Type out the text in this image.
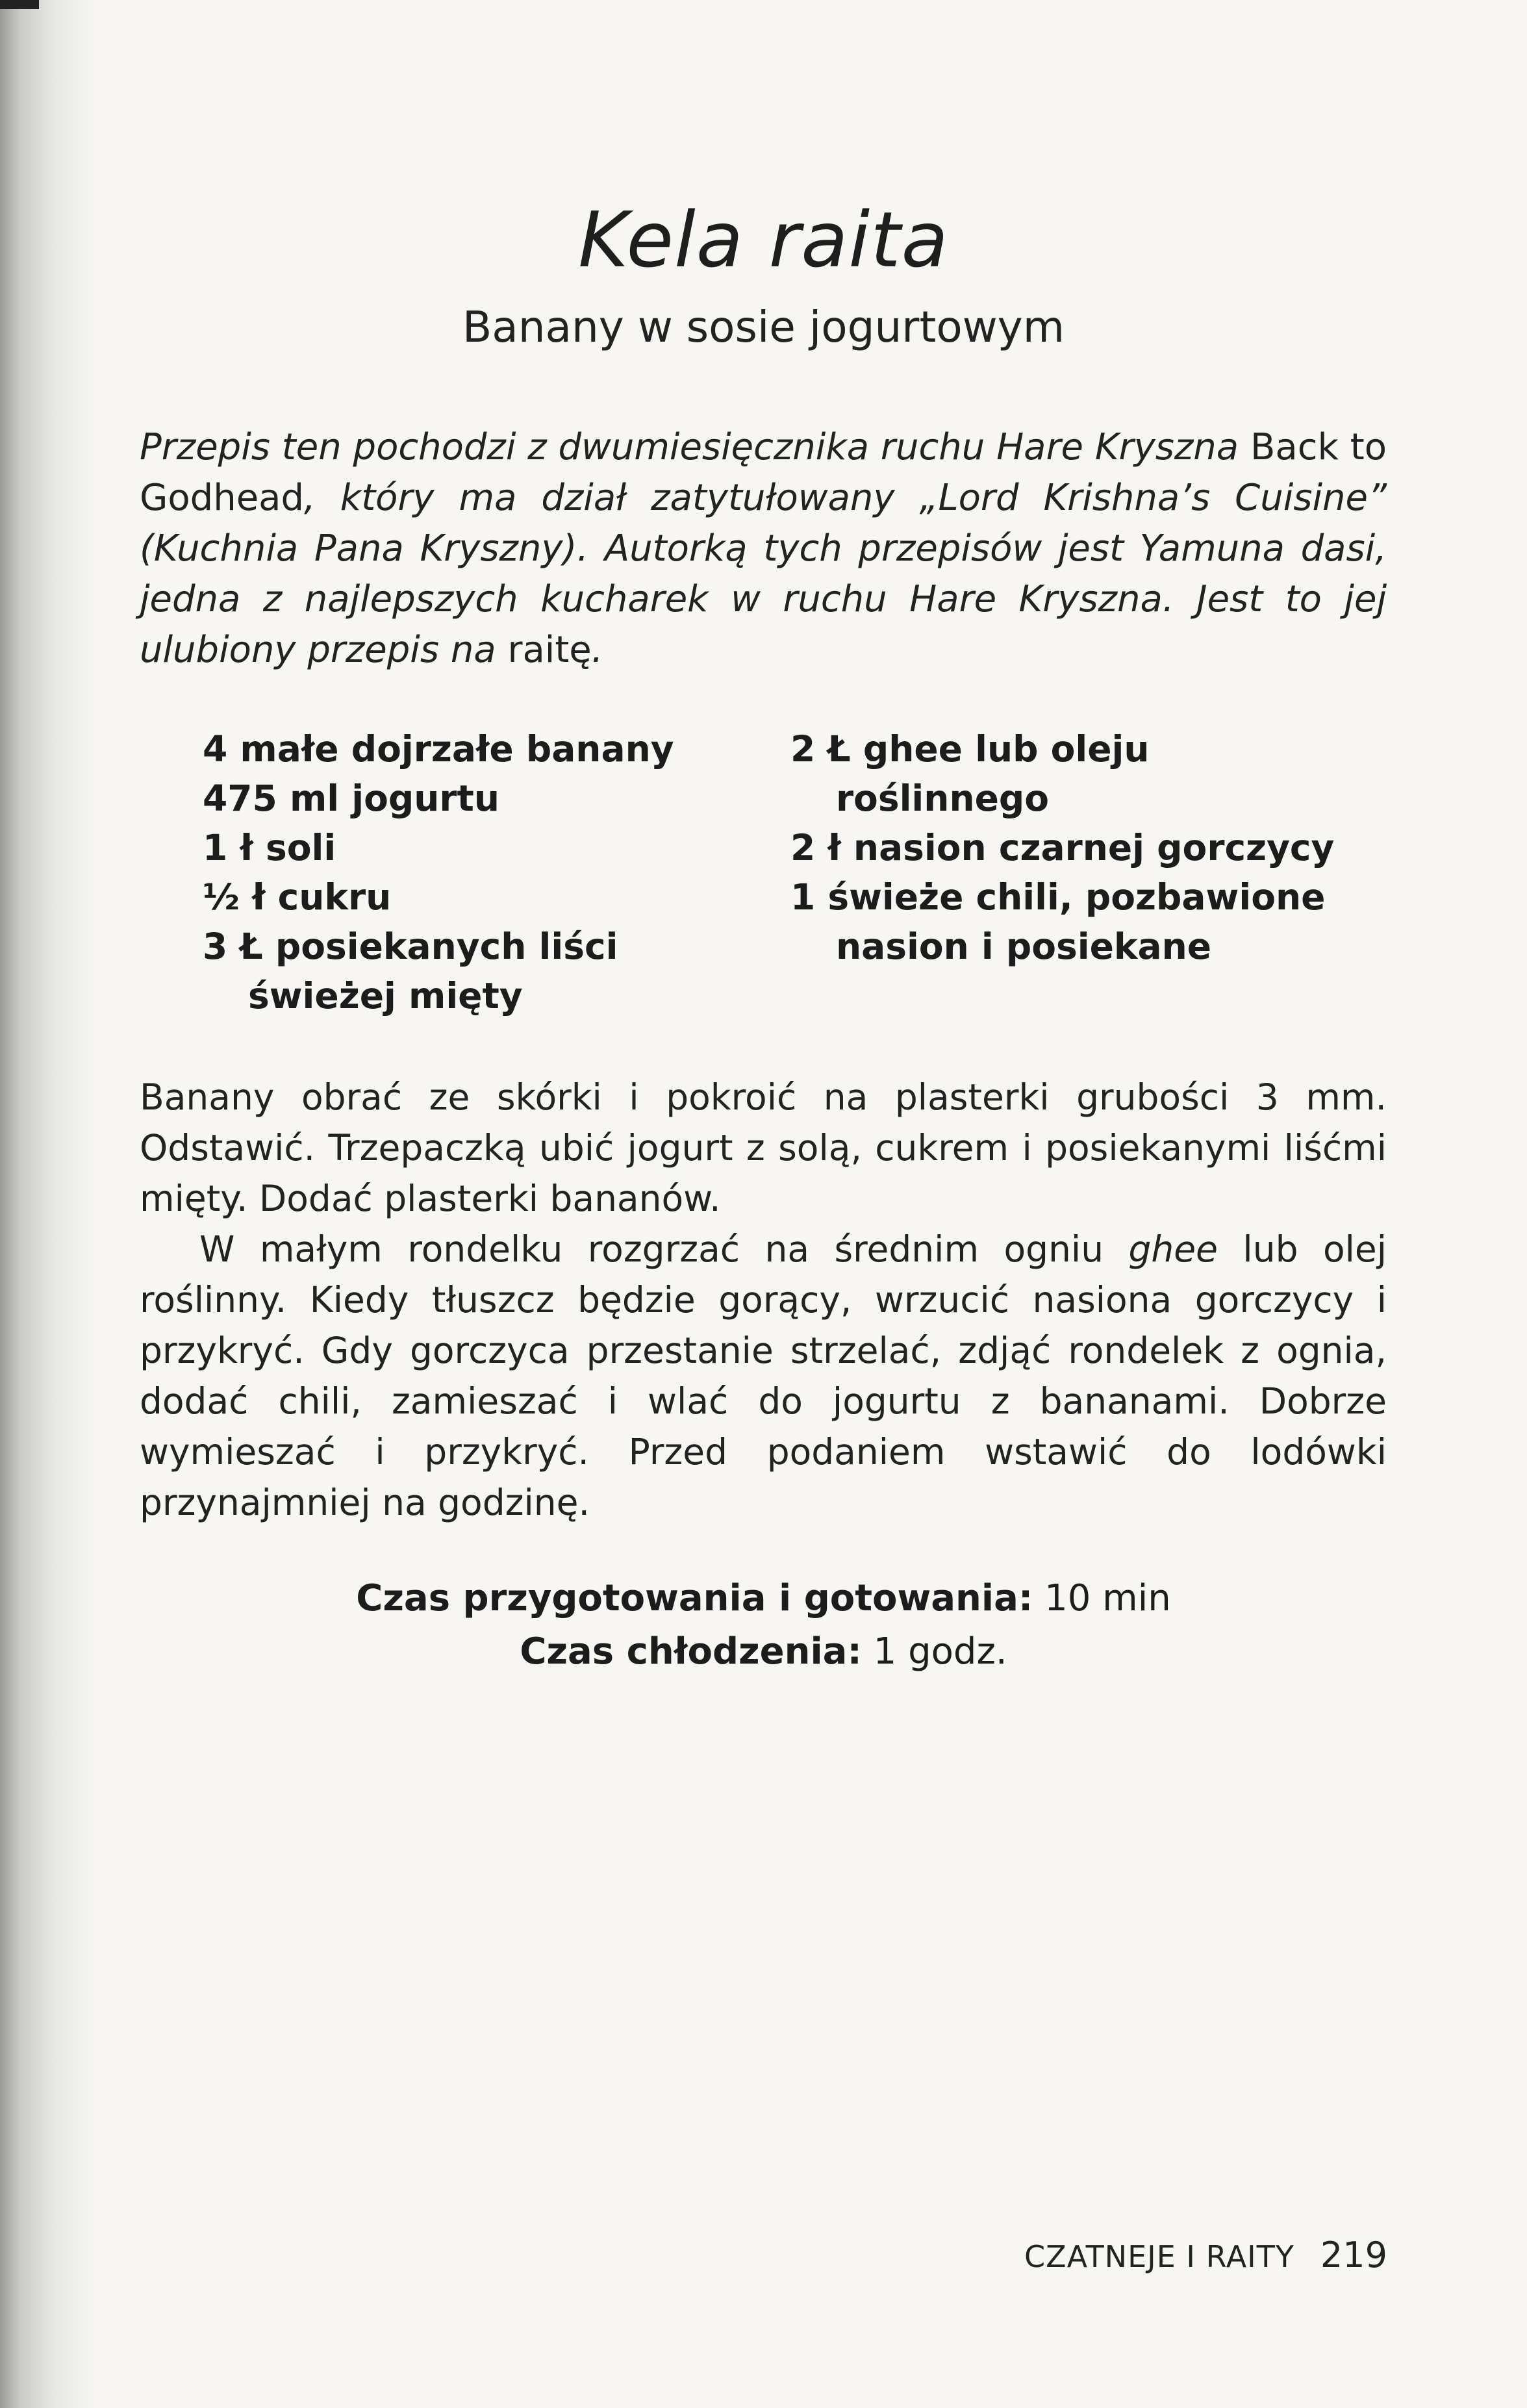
Kela raita
Banany w sosie jogurtowym

Przepis ten pochodzi z dwumiesięcznika ruchu Hare Kryszna Back to Godhead, który ma dział zatytułowany „Lord Krishna’s Cuisine” (Kuchnia Pana Kryszny). Autorką tych przepisów jest Yamuna dasi, jedna z najlepszych kucharek w ruchu Hare Kryszna. Jest to jej ulubiony przepis na raitę.

4 małe dojrzałe banany
475 ml jogurtu
1 ł soli
½ ł cukru
3 Ł posiekanych liści świeżej mięty
2 Ł ghee lub oleju roślinnego
2 ł nasion czarnej gorczycy
1 świeże chili, pozbawione nasion i posiekane

Banany obrać ze skórki i pokroić na plasterki grubości 3 mm. Odstawić. Trzepaczką ubić jogurt z solą, cukrem i posiekanymi liśćmi mięty. Dodać plasterki bananów.

W małym rondelku rozgrzać na średnim ogniu ghee lub olej roślinny. Kiedy tłuszcz będzie gorący, wrzucić nasiona gorczycy i przykryć. Gdy gorczyca przestanie strzelać, zdjąć rondelek z ognia, dodać chili, zamieszać i wlać do jogurtu z bananami. Dobrze wymieszać i przykryć. Przed podaniem wstawić do lodówki przynajmniej na godzinę.

Czas przygotowania i gotowania: 10 min
Czas chłodzenia: 1 godz.
CZATNEJE I RAITY 219
